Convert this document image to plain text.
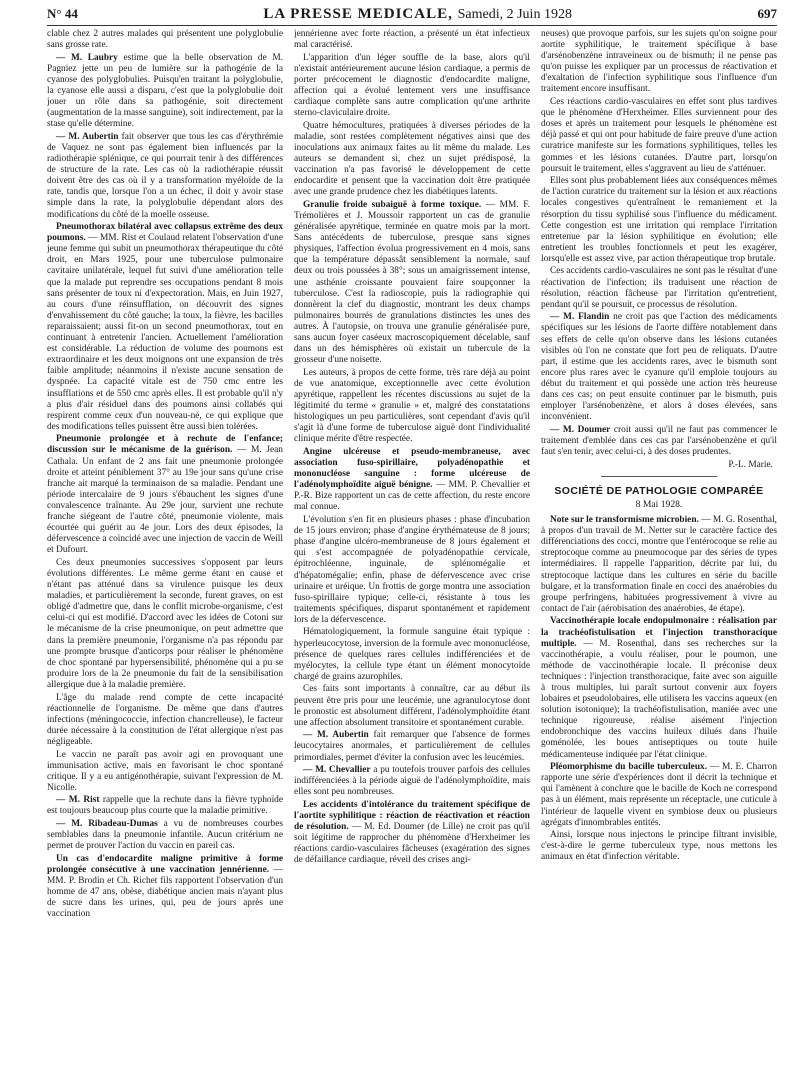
N° 44	LA PRESSE MEDICALE, Samedi, 2 Juin 1928	697

clable chez 2 autres malades qui présentent une polyglobulie sans grosse rate.

— M. Laubry estime que la belle observation de M. Pagniez jette un peu de lumière sur la pathogénie de la cyanose des polyglobulies. Puisqu'en traitant la polyglobulie, la cyanose elle aussi a disparu, c'est que la polyglobulie doit jouer un rôle dans sa pathogénie, soit directement (augmentation de la masse sanguine), soit indirectement, par la stase qu'elle détermine.

— M. Aubertin fait observer que tous les cas d'érythrémie de Vaquez ne sont pas également bien influencés par la radiothérapie splénique, ce qui pourrait tenir à des différences de structure de la rate. Les cas où la radiothérapie réussit doivent être des cas où il y a transformation myéloïde de la rate, tandis que, lorsque l'on a un échec, il doit y avoir stase simple dans la rate, la polyglobulie dépendant alors des modifications du côté de la moelle osseuse.

Pneumothorax bilatéral avec collapsus extrême des deux poumons. — MM. Rist et Coulaud relatent l'observation d'une jeune femme qui subit un pneumothorax thérapeutique du côté droit, en Mars 1925, pour une tuberculose pulmonaire cavitaire unilatérale, lequel fut suivi d'une amélioration telle que la malade put reprendre ses occupations pendant 8 mois sans présenter de toux ni d'expectoration. Mais, en Juin 1927, au cours d'une réinsufflation, on découvrit des signes d'envahissement du côté gauche; la toux, la fièvre, les bacilles reparaissaient; aussi fit-on un second pneumothorax, tout en continuant à entretenir l'ancien. Actuellement l'amélioration est considérable. La réduction de volume des poumons est extraordinaire et les deux moignons ont une expansion de très faible amplitude; néanmoins il n'existe aucune sensation de dyspnée. La capacité vitale est de 750 cmc entre les insufflations et de 550 cmc après elles. Il est probable qu'il n'y a plus d'air résiduel dans des poumons ainsi collabés qui respirent comme ceux d'un nouveau-né, ce qui explique que des modifications telles puissent être aussi bien tolérées.

Pneumonie prolongée et à rechute de l'enfance; discussion sur le mécanisme de la guérison. — M. Jean Cathala. Un enfant de 2 ans fait une pneumonie prolongée droite et atteint péniblement 37° au 19e jour sans qu'une crise franche ait marqué la terminaison de sa maladie. Pendant une période intercalaire de 9 jours s'ébauchent les signes d'une convalescence traînante. Au 29e jour, survient une rechute franche siégeant de l'autre côté, pneumonie violente, mais écourtée qui guérit au 4e jour. Lors des deux épisodes, la défervescence a coïncidé avec une injection de vaccin de Weill et Dufourt.

Ces deux pneumonies successives s'opposent par leurs évolutions différentes. Le même germe étant en cause et n'étant pas atténué dans sa virulence puisque les deux maladies, et particulièrement la seconde, furent graves, on est obligé d'admettre que, dans le conflit microbe-organisme, c'est celui-ci qui est modifié. D'accord avec les idées de Cotoni sur le mécanisme de la crise pneumonique, on peut admettre que dans la première pneumonie, l'organisme n'a pas répondu par une prompte brusque d'anticorps pour réaliser le phénomène de choc spontané par hypersensibilité, phénomène qui a pu se produire lors de la 2e pneumonie du fait de la sensibilisation allergique due à la maladie première.

L'âge du malade rend compte de cette incapacité réactionnelle de l'organisme. De même que dans d'autres infections (méningococcie, infection chancrelleuse), le facteur durée nécessaire à la constitution de l'état allergique n'est pas négligeable.

Le vaccin ne paraît pas avoir agi en provoquant une immunisation active, mais en favorisant le choc spontané critique. Il y a eu antigénothérapie, suivant l'expression de M. Nicolle.

— M. Rist rappelle que la rechute dans la fièvre typhoïde est toujours beaucoup plus courte que la maladie primitive.

— M. Ribadeau-Dumas a vu de nombreuses courbes semblables dans la pneumonie infantile. Aucun critérium ne permet de prouver l'action du vaccin en pareil cas.

Un cas d'endocardite maligne primitive à forme prolongée consécutive à une vaccination jennérienne. — MM. P. Brodin et Ch. Richet fils rapportent l'observation d'un homme de 47 ans, obèse, diabétique ancien mais n'ayant plus de sucre dans les urines, qui, peu de jours après une vaccination

jennérienne avec forte réaction, a présenté un état infectieux mal caractérisé.

L'apparition d'un léger souffle de la base, alors qu'il n'existait antérieurement aucune lésion cardiaque, a permis de porter précocement le diagnostic d'endocardite maligne, affection qui a évolué lentement vers une insuffisance cardiaque complète sans autre complication qu'une arthrite sterno-claviculaire droite.

Quatre hémocultures, pratiquées à diverses périodes de la maladie, sont restées complètement négatives ainsi que des inoculations aux animaux faites au lit même du malade. Les auteurs se demandent si, chez un sujet prédisposé, la vaccination n'a pas favorisé le développement de cette endocardite et pensent que la vaccination doit être pratiquée avec une grande prudence chez les diabétiques latents.

Granulie froide subaiguë à forme toxique. — MM. F. Trémolières et J. Moussoir rapportent un cas de granulie généralisée apyrétique, terminée en quatre mois par la mort. Sans antécédents de tuberculose, presque sans signes physiques, l'affection évolua progressivement en 4 mois, sans que la température dépassât sensiblement la normale, sauf deux ou trois poussées à 38°; sous un amaigrissement intense, une asthénie croissante pouvaient faire soupçonner la tuberculose. C'est la radioscopie, puis la radiographie qui donnèrent la clef du diagnostic, montrant les deux champs pulmonaires bourrés de granulations distinctes les unes des autres. À l'autopsie, on trouva une granulie généralisée pure, sans aucun foyer caséeux macroscopiquement décelable, sauf dans un des hémisphères où existait un tubercule de la grosseur d'une noisette.

Les auteurs, à propos de cette forme, très rare déjà au point de vue anatomique, exceptionnelle avec cette évolution apyrétique, rappellent les récentes discussions au sujet de la légitimité du terme « granulie » et, malgré des constatations histologiques un peu particulières, sont cependant d'avis qu'il s'agit là d'une forme de tuberculose aiguë dont l'individualité clinique mérite d'être respectée.

Angine ulcéreuse et pseudo-membraneuse, avec association fuso-spirillaire, polyadénopathie et mononucléose sanguine : forme ulcéreuse de l'adénolymphoïdite aiguë bénigne. — MM. P. Chevallier et P.-R. Bize rapportent un cas de cette affection, du reste encore mal connue.

L'évolution s'en fit en plusieurs phases : phase d'incubation de 15 jours environ; phase d'angine érythémateuse de 8 jours; phase d'angine ulcéro-membraneuse de 8 jours également et qui s'est accompagnée de polyadénopathie cervicale, épitrochléenne, inguinale, de splénomégalie et d'hépatomégalie; enfin, phase de défervescence avec crise urinaire et uréique. Un frottis de gorge montra une association fuso-spirillaire typique; celle-ci, résistante à tous les traitements spécifiques, disparut spontanément et rapidement lors de la défervescence.

Hématologiquement, la formule sanguine était typique : hyperleucocytose, inversion de la formule avec mononucléose, présence de quelques rares cellules indifférenciées et de myélocytes, la cellule type étant un élément monocytoïde chargé de grains azurophiles.

Ces faits sont importants à connaître, car au début ils peuvent être pris pour une leucémie, une agranulocytose dont le pronostic est absolument différent, l'adénolymphoïdite étant une affection absolument transitoire et spontanément curable.

— M. Aubertin fait remarquer que l'absence de formes leucocytaires anormales, et particulièrement de cellules primordiales, permet d'éviter la confusion avec les leucémies.

— M. Chevallier a pu toutefois trouver parfois des cellules indifférenciées à la période aiguë de l'adénolymphoïdite, mais elles sont peu nombreuses.

Les accidents d'intolérance du traitement spécifique de l'aortite syphilitique : réaction de réactivation et réaction de résolution. — M. Ed. Doumer (de Lille) ne croit pas qu'il soit légitime de rapprocher du phénomène d'Herxheimer les réactions cardio-vasculaires fâcheuses (exagération des signes de défaillance cardiaque, réveil des crises angi-

neuses) que provoque parfois, sur les sujets qu'on soigne pour aortite syphilitique, le traitement spécifique à base d'arsénobenzène intraveineux ou de bismuth; il ne pense pas qu'on puisse les expliquer par un processus de réactivation et d'exaltation de l'infection syphilitique sous l'influence d'un traitement encore insuffisant.

Ces réactions cardio-vasculaires en effet sont plus tardives que le phénomène d'Herxheimer. Elles surviennent pour des doses et après un traitement pour lesquels le phénomène est déjà passé et qui ont pour habitude de faire preuve d'une action curatrice manifeste sur les formations syphilitiques, telles les gommes et les lésions cutanées. D'autre part, lorsqu'on poursuit le traitement, elles s'aggravent au lieu de s'atténuer.

Elles sont plus probablement liées aux conséquences mêmes de l'action curatrice du traitement sur la lésion et aux réactions locales congestives qu'entraînent le remaniement et la résorption du tissu syphilisé sous l'influence du médicament. Cette congestion est une irritation qui remplace l'irritation entretenue par la lésion syphilitique en évolution; elle entretient les troubles fonctionnels et peut les exagérer, lorsqu'elle est assez vive, par action thérapeutique trop brutale.

Ces accidents cardio-vasculaires ne sont pas le résultat d'une réactivation de l'infection; ils traduisent une réaction de résolution, réaction fâcheuse par l'irritation qu'entretient, pendant qu'il se poursuit, ce processus de résolution.

— M. Flandin ne croit pas que l'action des médicaments spécifiques sur les lésions de l'aorte diffère notablement dans ses effets de celle qu'on observe dans les lésions cutanées visibles où l'on ne constate que fort peu de reliquats. D'autre part, il estime que les accidents rares, avec le bismuth sont encore plus rares avec le cyanure qu'il emploie toujours au début du traitement et qui possède une action très heureuse dans ces cas; on peut ensuite continuer par le bismuth, puis employer l'arsénobenzène, et alors à doses élevées, sans inconvénient.

— M. Doumer croit aussi qu'il ne faut pas commencer le traitement d'emblée dans ces cas par l'arsénobenzène et qu'il faut s'en tenir, avec celui-ci, à des doses prudentes.

P.-L. Marie.
SOCIÉTÉ DE PATHOLOGIE COMPARÉE
8 Mai 1928.

Note sur le transformisme microbien. — M. G. Rosenthal, à propos d'un travail de M. Netter sur le caractère factice des différenciations des cocci, montre que l'entérocoque se relie au streptocoque comme au pneumocoque par des séries de types intermédiaires. Il rappelle l'apparition, décrite par lui, du streptocoque lactique dans les cultures en série du bacille bulgare, et la transformation finale en cocci des anaérobies du groupe perfringens, habituées progressivement à vivre au contact de l'air (aérobisation des anaérobies, 4e étape).

Vaccinothérapie locale endopulmonaire : réalisation par la trachéofistulisation et l'injection transthoracique multiple. — M. Rosenthal, dans ses recherches sur la vaccinothérapie, a voulu réaliser, pour le poumon, une méthode de vaccinothérapie locale. Il préconise deux techniques : l'injection transthoracique, faite avec son aiguille à trous multiples, lui paraît surtout convenir aux foyers lobaires et pseudolobaires, elle utilisera les vaccins aqueux (en solution isotonique); la trachéofistulisation, maniée avec une technique rigoureuse, réalise aisément l'injection endobronchique des vaccins huileux dilués dans l'huile goménolée, les boues antiseptiques ou toute huile médicamenteuse indiquée par l'état clinique.

Pléomorphisme du bacille tuberculeux. — M. E. Charron rapporte une série d'expériences dont il décrit la technique et qui l'amènent à conclure que le bacille de Koch ne correspond pas à un élément, mais représente un réceptacle, une cuticule à l'intérieur de laquelle vivent en symbiose deux ou plusieurs agrégats d'innombrables entités.

Ainsi, lorsque nous injectons le principe filtrant invisible, c'est-à-dire le germe tuberculeux type, nous mettons les animaux en état d'infection véritable.
